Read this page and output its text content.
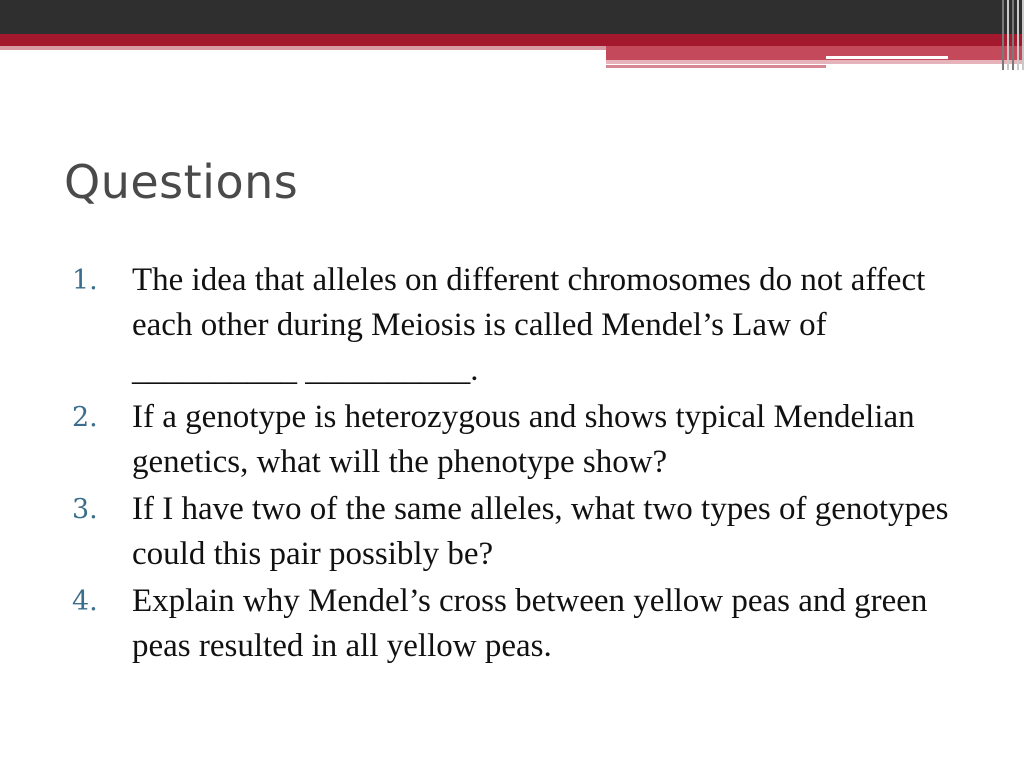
Questions
1.	The idea that alleles on different chromosomes do not affect each other during Meiosis is called Mendel’s Law of __________ __________.
2.	If a genotype is heterozygous and shows typical Mendelian genetics, what will the phenotype show?
3.	If I have two of the same alleles, what two types of genotypes could this pair possibly be?
4.	Explain why Mendel’s cross between yellow peas and green peas resulted in all yellow peas.
